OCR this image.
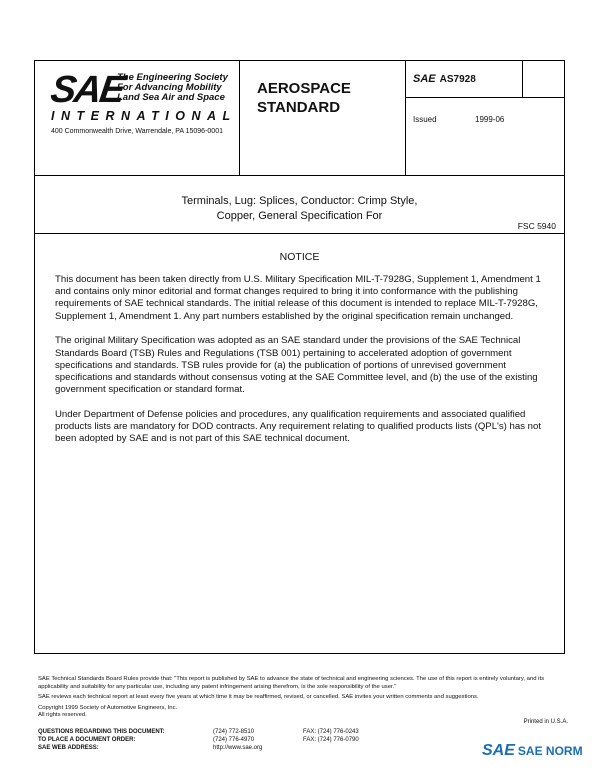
SAE
The Engineering Society
For Advancing Mobility
Land Sea Air and Space
INTERNATIONAL
400 Commonwealth Drive, Warrendale, PA 15096-0001
AEROSPACE
STANDARD
SAE AS7928
Issued	1999-06
Terminals, Lug: Splices, Conductor: Crimp Style,
Copper, General Specification For
FSC 5940
NOTICE

This document has been taken directly from U.S. Military Specification MIL-T-7928G, Supplement 1, Amendment 1 and contains only minor editorial and format changes required to bring it into conformance with the publishing requirements of SAE technical standards. The initial release of this document is intended to replace MIL-T-7928G, Supplement 1, Amendment 1. Any part numbers established by the original specification remain unchanged.

The original Military Specification was adopted as an SAE standard under the provisions of the SAE Technical Standards Board (TSB) Rules and Regulations (TSB 001) pertaining to accelerated adoption of government specifications and standards. TSB rules provide for (a) the publication of portions of unrevised government specifications and standards without consensus voting at the SAE Committee level, and (b) the use of the existing government specification or standard format.

Under Department of Defense policies and procedures, any qualification requirements and associated qualified products lists are mandatory for DOD contracts. Any requirement relating to qualified products lists (QPL's) has not been adopted by SAE and is not part of this SAE technical document.

SAE Technical Standards Board Rules provide that: "This report is published by SAE to advance the state of technical and engineering sciences. The use of this report is entirely voluntary, and its applicability and suitability for any particular use, including any patent infringement arising therefrom, is the sole responsibility of the user."

SAE reviews each technical report at least every five years at which time it may be reaffirmed, revised, or cancelled. SAE invites your written comments and suggestions.

Copyright 1999 Society of Automotive Engineers, Inc.
All rights reserved.

Printed in U.S.A.
QUESTIONS REGARDING THIS DOCUMENT:	(724) 772-8510	FAX: (724) 776-0243
TO PLACE A DOCUMENT ORDER:	(724) 776-4970	FAX: (724) 776-0790
SAE WEB ADDRESS:	http://www.sae.org	SAE SAE NORM
